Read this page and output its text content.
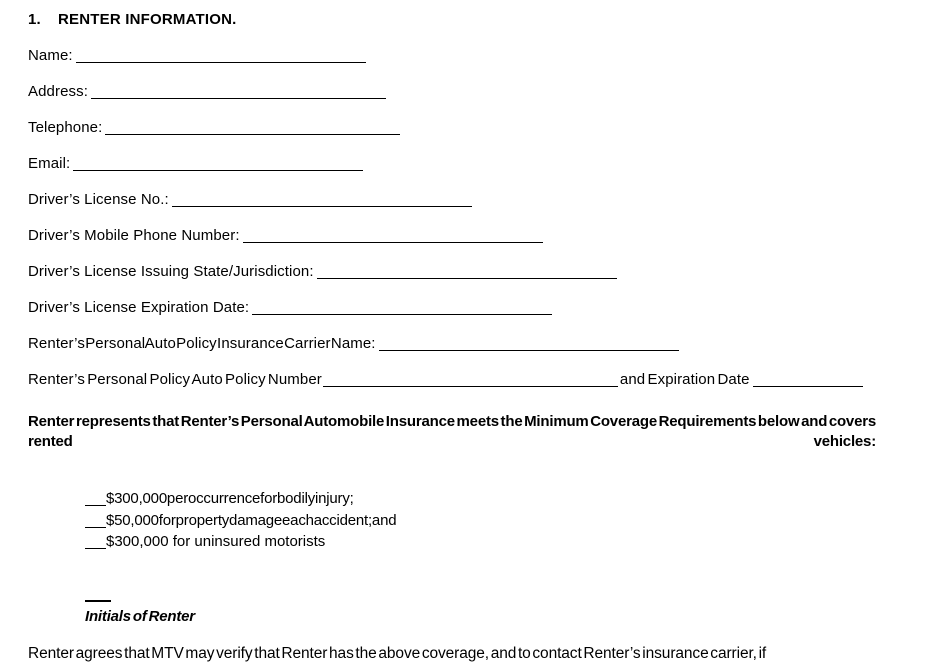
1. RENTER INFORMATION.
Name:
Address:
Telephone:
Email:
Driver’s License No.:
Driver’s Mobile Phone Number:
Driver’s License Issuing State/Jurisdiction:
Driver’s License Expiration Date:
Renter’s Personal Auto Policy Insurance Carrier Name:
Renter’s Personal Policy Auto Policy Number	and Expiration Date

Renter represents that Renter’s Personal Automobile Insurance meets the Minimum Coverage Requirements below and covers rented vehicles:

$300,000 per occurrence for bodily injury;
$50,000 for property damage each accident; and
$300,000 for uninsured motorists
Initials of Renter

Renter agrees that MTV may verify that Renter has the above coverage, and to contact Renter’s insurance carrier, if
